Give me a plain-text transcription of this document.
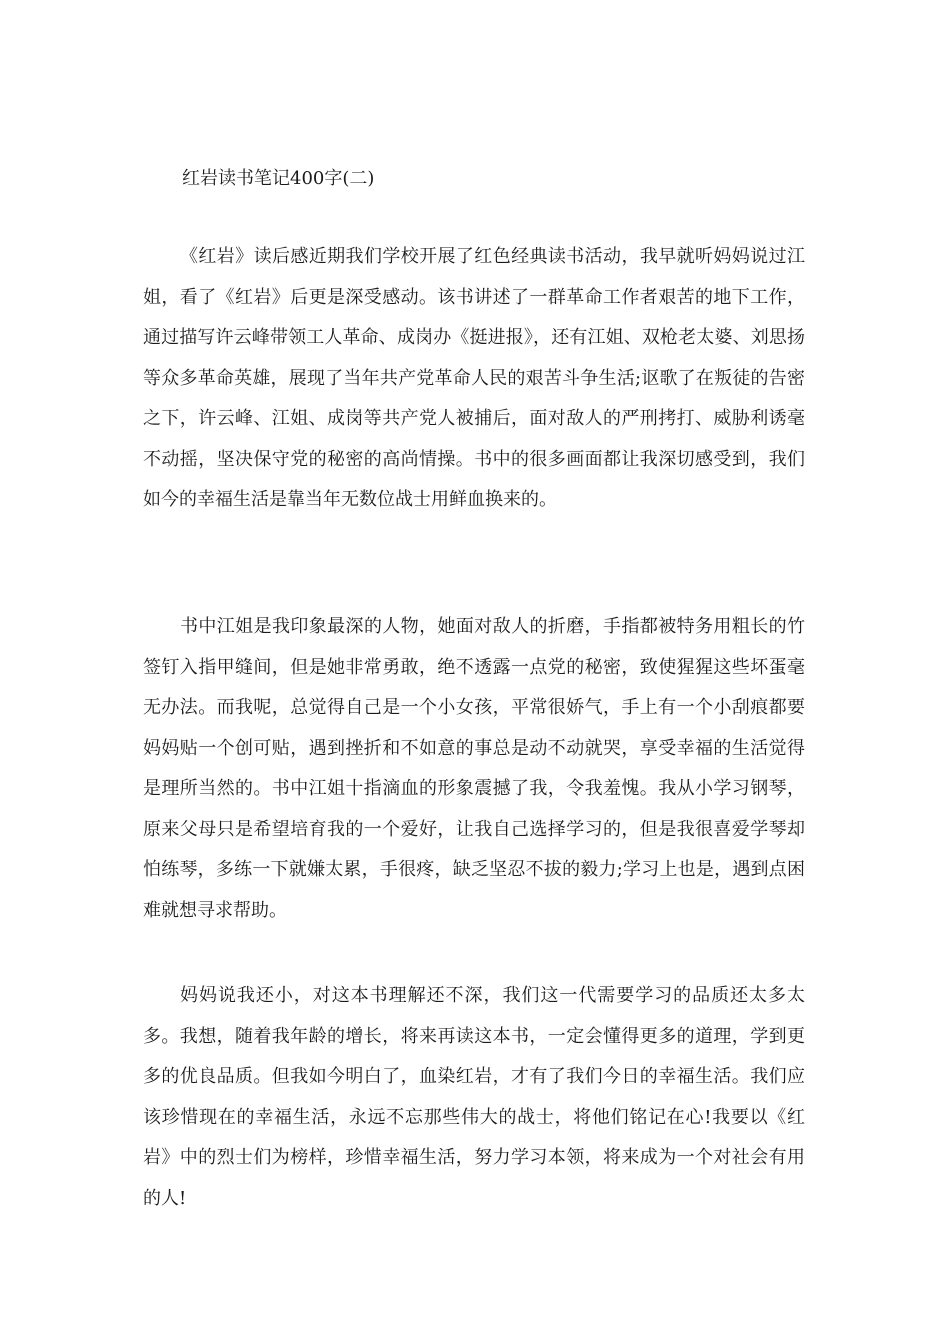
红岩读书笔记400字(二)

《红岩》读后感近期我们学校开展了红色经典读书活动，我早就听妈妈说过江姐，看了《红岩》后更是深受感动。该书讲述了一群革命工作者艰苦的地下工作，通过描写许云峰带领工人革命、成岗办《挺进报》，还有江姐、双枪老太婆、刘思扬等众多革命英雄，展现了当年共产党革命人民的艰苦斗争生活;讴歌了在叛徒的告密之下，许云峰、江姐、成岗等共产党人被捕后，面对敌人的严刑拷打、威胁利诱毫不动摇，坚决保守党的秘密的高尚情操。书中的很多画面都让我深切感受到，我们如今的幸福生活是靠当年无数位战士用鲜血换来的。

书中江姐是我印象最深的人物，她面对敌人的折磨，手指都被特务用粗长的竹签钉入指甲缝间，但是她非常勇敢，绝不透露一点党的秘密，致使猩猩这些坏蛋毫无办法。而我呢，总觉得自己是一个小女孩，平常很娇气，手上有一个小刮痕都要妈妈贴一个创可贴，遇到挫折和不如意的事总是动不动就哭，享受幸福的生活觉得是理所当然的。书中江姐十指滴血的形象震撼了我，令我羞愧。我从小学习钢琴，原来父母只是希望培育我的一个爱好，让我自己选择学习的，但是我很喜爱学琴却怕练琴，多练一下就嫌太累，手很疼，缺乏坚忍不拔的毅力;学习上也是，遇到点困难就想寻求帮助。

妈妈说我还小，对这本书理解还不深，我们这一代需要学习的品质还太多太多。我想，随着我年龄的增长，将来再读这本书，一定会懂得更多的道理，学到更多的优良品质。但我如今明白了，血染红岩，才有了我们今日的幸福生活。我们应该珍惜现在的幸福生活，永远不忘那些伟大的战士，将他们铭记在心!我要以《红岩》中的烈士们为榜样，珍惜幸福生活，努力学习本领，将来成为一个对社会有用的人!
